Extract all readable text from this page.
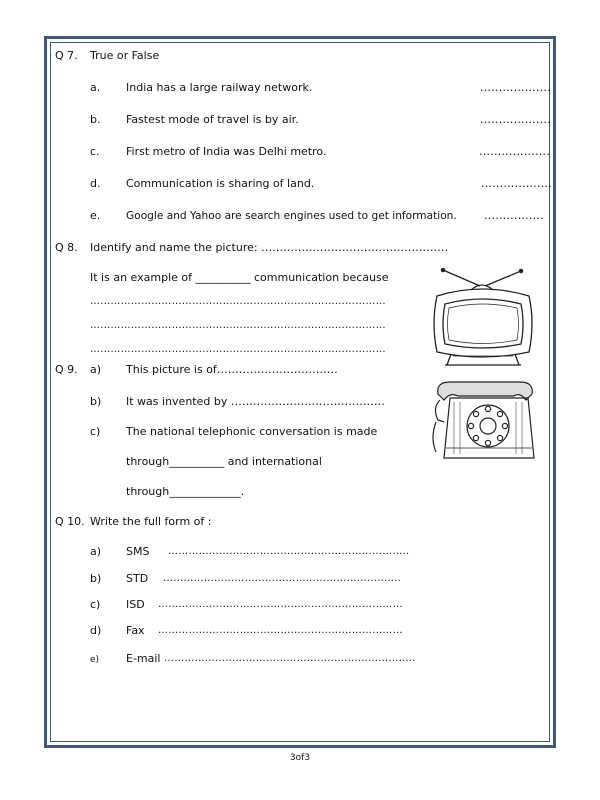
Q 7. True or False
a. India has a large railway network.	……………….
b. Fastest mode of travel is by air.	……………….
c. First metro of India was Delhi metro.	……………….
d. Communication is sharing of land.	……………….
e. Google and Yahoo are search engines used to get information. …………….
Q 8. Identify and name the picture: ……………………………………………
It is an example of __________ communication because
……………………………………………………………………………
……………………………………………………………………………
……………………………………………………………………………
Q 9. a) This picture is of……………………………
b) It was invented by ……………………………………
c) The national telephonic conversation is made
through__________ and international
through_____________.
Q 10. Write the full form of :
a) SMS ……………………………………………………………..
b) STD …………………………………………………………….
c) ISD ………………………………………………………………
d) Fax ………………………………………………………………
e) E-mail ………………………………………………………………..
3of3
